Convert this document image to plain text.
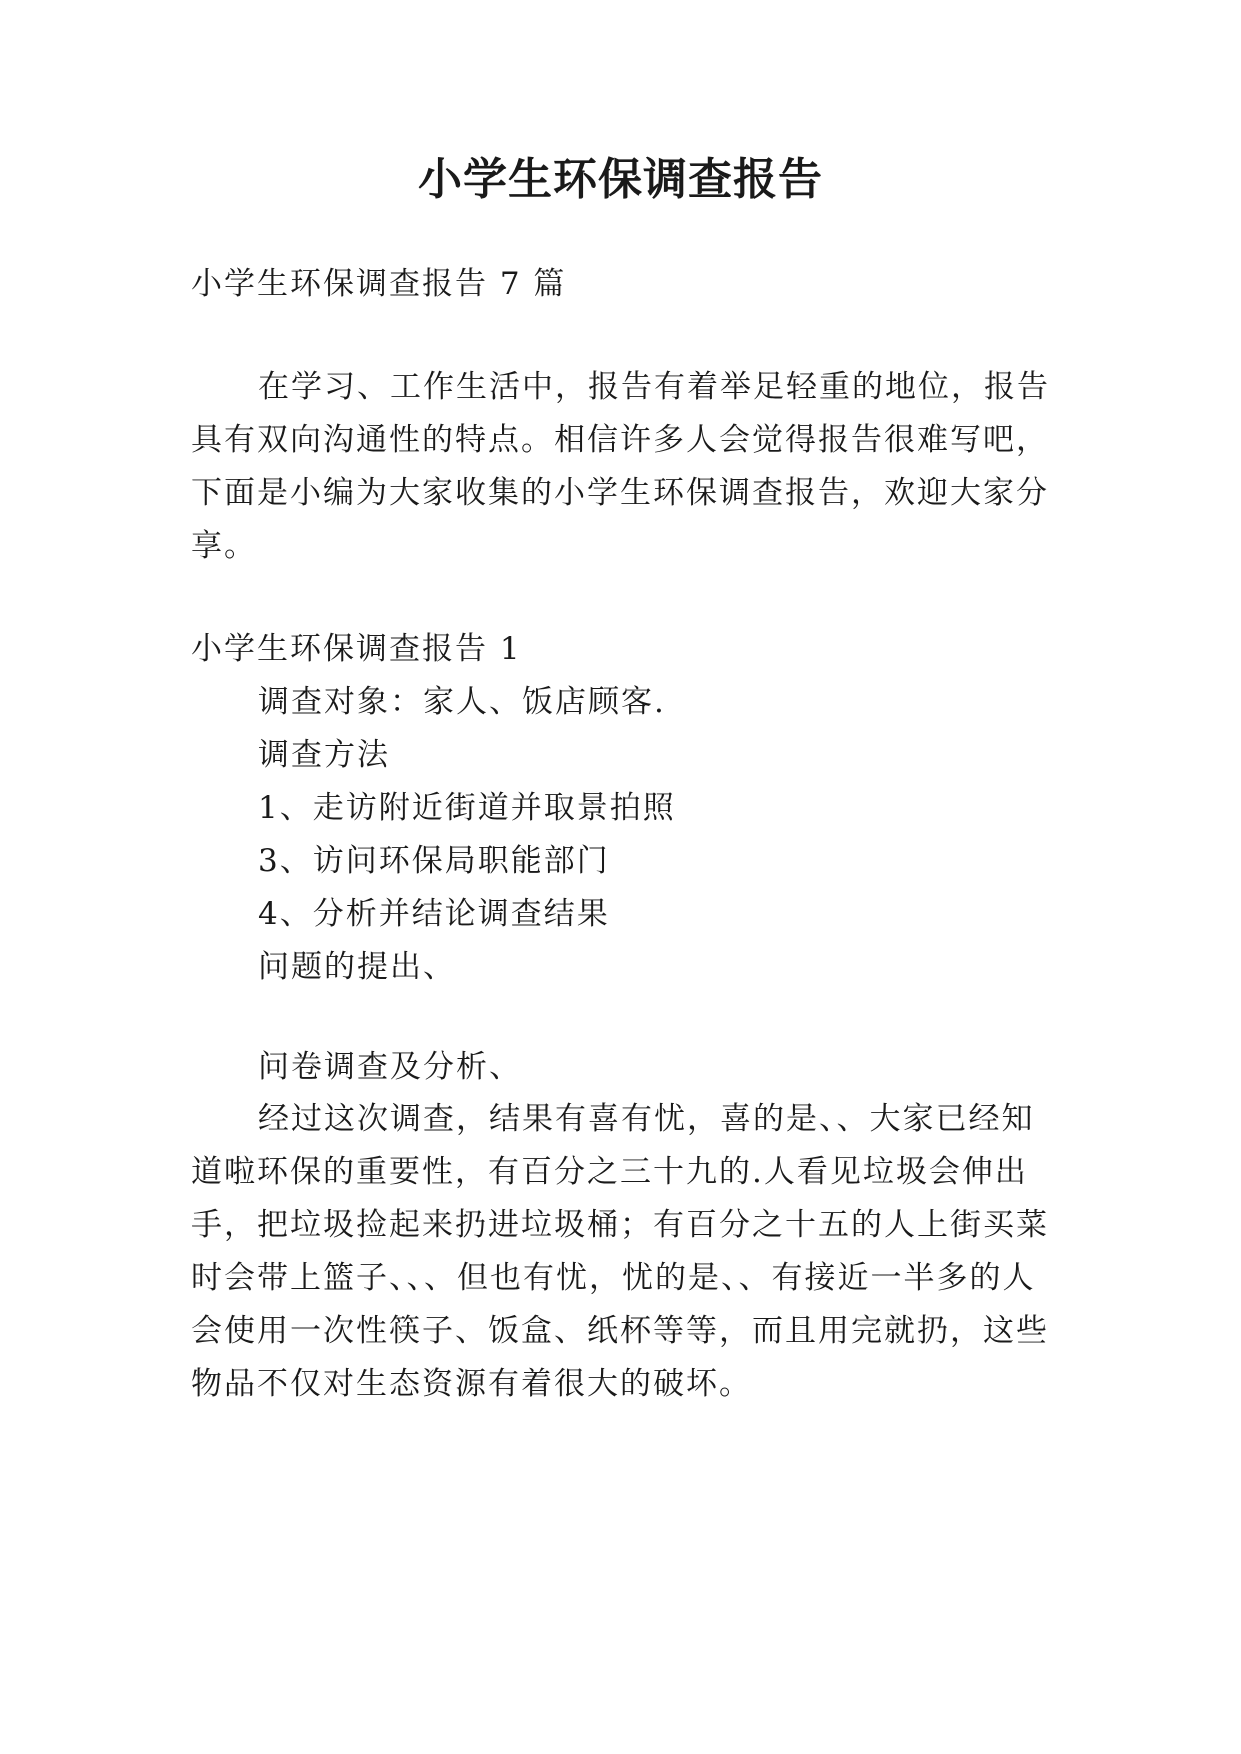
小学生环保调查报告

小学生环保调查报告 7 篇

在学习、工作生活中，报告有着举足轻重的地位，报告

具有双向沟通性的特点。相信许多人会觉得报告很难写吧，

下面是小编为大家收集的小学生环保调查报告，欢迎大家分

享。

小学生环保调查报告 1

调查对象：家人、饭店顾客.

调查方法

1、走访附近街道并取景拍照

3、访问环保局职能部门

4、分析并结论调查结果

问题的提出、

问卷调查及分析、

经过这次调查，结果有喜有忧，喜的是、、大家已经知

道啦环保的重要性，有百分之三十九的.人看见垃圾会伸出

手，把垃圾捡起来扔进垃圾桶；有百分之十五的人上街买菜

时会带上篮子、、、但也有忧，忧的是、、有接近一半多的人

会使用一次性筷子、饭盒、纸杯等等，而且用完就扔，这些

物品不仅对生态资源有着很大的破坏。
